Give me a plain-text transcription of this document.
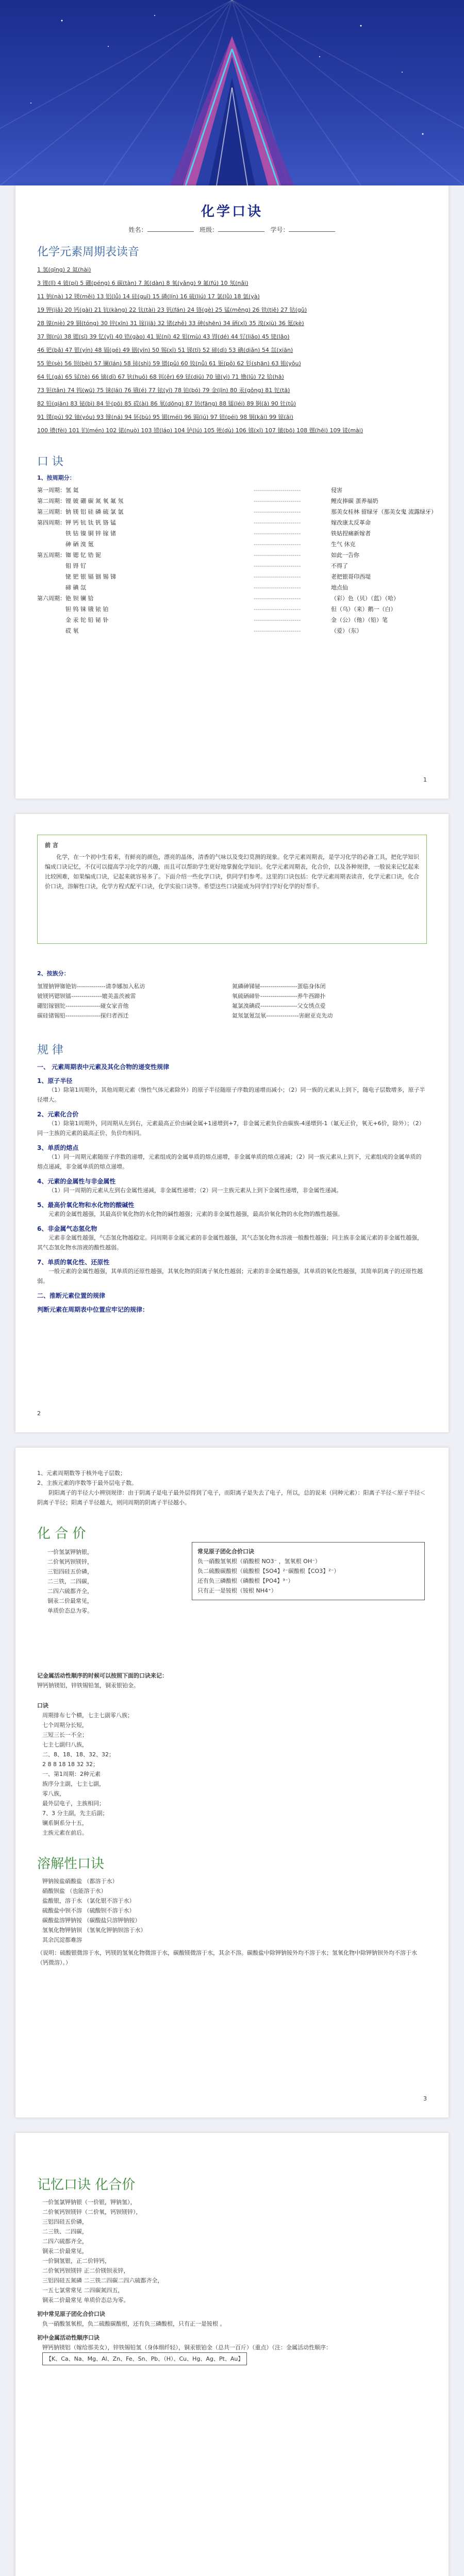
化学口诀
姓名：	班级：	学号：
化学元素周期表读音
1 氢(qīng) 2 氦(hài)
3 锂(lǐ) 4 铍(pí) 5 硼(péng) 6 碳(tàn) 7 氮(dàn) 8 氧(yǎng) 9 氟(fú) 10 氖(nǎi)
11 钠(nà) 12 镁(měi) 13 铝(lǚ) 14 硅(guī) 15 磷(lín) 16 硫(liú) 17 氯(lǜ) 18 氩(yà)
19 钾(jiǎ) 20 钙(gài) 21 钪(kàng) 22 钛(tài) 23 钒(fán) 24 铬(gè) 25 锰(měng) 26 铁(tiě) 27 钴(gǔ)
28 镍(niè) 29 铜(tóng) 30 锌(xīn) 31 镓(jiā) 32 锗(zhě) 33 砷(shēn) 34 硒(xī) 35 溴(xiù) 36 氪(kè)
37 铷(rú) 38 锶(sī) 39 钇(yǐ) 40 锆(gào) 41 铌(ní) 42 钼(mù) 43 锝(dé) 44 钌(liǎo) 45 铑(lǎo)
46 钯(bǎ) 47 银(yín) 48 镉(gé) 49 铟(yīn) 50 锡(xī) 51 锑(tī) 52 碲(dì) 53 碘(diǎn) 54 氙(xiān)
55 铯(sè) 56 钡(bèi) 57 镧(lán) 58 铈(shì) 59 镨(pǔ) 60 钕(nǚ) 61 钷(pǒ) 62 钐(shān) 63 铕(yǒu)
64 钆(gá) 65 铽(tè) 66 镝(dī) 67 钬(huǒ) 68 铒(ěr) 69 铥(diū) 70 镱(yì) 71 镥(lǔ) 72 铪(hā)
73 钽(tǎn) 74 钨(wū) 75 铼(lái) 76 锇(é) 77 铱(yī) 78 铂(bó) 79 金(jīn) 80 汞(gǒng) 81 铊(tā)
82 铅(qiān) 83 铋(bì) 84 钋(pō) 85 砹(ài) 86 氡(dōng) 87 钫(fāng) 88 镭(léi) 89 锕(ā) 90 钍(tǔ)
91 镤(pú) 92 铀(yóu) 93 镎(ná) 94 钚(bù) 95 镅(méi) 96 锔(jú) 97 锫(péi) 98 锎(kāi) 99 锿(āi)
100 镄(fèi) 101 钔(mén) 102 锘(nuò) 103 铹(láo) 104 𬬻(lú) 105 𬭊(dù) 106 𬭳(xǐ) 107 𬭛(bō) 108 𬭶(hēi) 109 鿏(mài)
口 诀
1、按周期分：
第一周期：氢 氦	-----------------------	侵害
第二周期：锂 铍 硼 碳 氮 氧 氟 氖	-----------------------	鲤皮捧碳 蛋养福奶
第三周期：钠 镁 铝 硅 磷 硫 氯 氩	-----------------------	那美女桂林 留绿牙（那美女鬼 流露绿牙）
第四周期：钾 钙 钪 钛 钒 铬 锰	-----------------------	嫁改康太反革命
　　　　　铁 钴 镍 铜 锌 镓 锗	-----------------------	铁姑捏痛新嫁者
　　　　　砷 硒 溴 氪	-----------------------	生气 休克
第五周期：铷 锶 钇 锆 铌	-----------------------	如此一告你
　　　　　钼 锝 钌	-----------------------	不得了
　　　　　铑 钯 银 镉 铟 锡 锑	-----------------------	老把银哥印西堤
　　　　　碲 碘 氙	-----------------------	地点仙
第六周期：铯 钡 镧 铪	-----------------------	（彩）色（贝）（蓝）（哈）
　　　　　钽 钨 铼 锇 铱 铂	-----------------------	但（乌）（来）鹅一（白）
　　　　　金 汞 铊 铅 铋 钋	-----------------------	金（公）（他）（铅）笔
　　　　　砹 氡	-----------------------	（爱）（东）
1
前 言
化学，在一个初中生看来，有鲜亮的颜色，漂亮的晶体，清香的气味以及变幻莫测的现象。化学元素周期表，是学习化学的必备工具，把化学知识编成口诀记忆，不仅可以提高学习化学的兴趣，而且可以帮助学生更好地掌握化学知识。化学元素周期表，化合价，以及各种规律，一般说来记忆起来比较困难，如果编成口诀，记起来就容易多了。下面介绍一些化学口诀，供同学们参考。这里的口诀包括：化学元素周期表读音，化学元素口诀，化合价口诀，溶解性口诀，化学方程式配平口诀，化学实验口诀等。希望这些口诀能成为同学们学好化学的好帮手。
2、按族分：
氢锂钠钾铷铯钫--------------请李娜加入私访
铍镁钙锶钡镭---------------媲美盖茨被雷
硼铝镓铟铊-----------------碰女家音他
碳硅锗锡铅-----------------探归者西迁
氮磷砷锑铋------------------蛋临身体闭
氧硫硒碲钋------------------养牛西蹄扑
氟氯溴碘砹------------------父女绣点爱
氦氖氩氪氙氡----------------害耐亚克先动
规 律
一、 元素周期表中元素及其化合物的递变性规律
1、原子半径
（1）除第1周期外，其他周期元素（惰性气体元素除外）的原子半径随原子序数的递增而减小；（2）同一族的元素从上到下，随电子层数增多，原子半径增大。
2、元素化合价
（1）除第1周期外，同周期从左到右，元素最高正价由碱金属+1递增到+7，非金属元素负价由碳族-4递增到-1（氟无正价，氧无+6价，除外）；（2）同一主族的元素的最高正价、负价均相同。
3、单质的熔点
（1）同一周期元素随原子序数的递增，元素组成的金属单质的熔点递增，非金属单质的熔点递减；（2）同一族元素从上到下，元素组成的金属单质的熔点递减，非金属单质的熔点递增。
4、元素的金属性与非金属性
（1）同一周期的元素从左到右金属性递减，非金属性递增；（2）同一主族元素从上到下金属性递增，非金属性递减。
5、最高价氧化物和水化物的酸碱性
元素的金属性越强，其最高价氧化物的水化物的碱性越强；元素的非金属性越强，最高价氧化物的水化物的酸性越强。
6、非金属气态氢化物
元素非金属性越强，气态氢化物越稳定。同周期非金属元素的非金属性越强，其气态氢化物水溶液一般酸性越强；同主族非金属元素的非金属性越强，其气态氢化物水溶液的酸性越弱。
7、单质的氧化性、还原性
一般元素的金属性越强，其单质的还原性越强，其氧化物的阳离子氧化性越弱；元素的非金属性越强，其单质的氧化性越强，其简单阴离子的还原性越弱。
二、推断元素位置的规律
判断元素在周期表中位置应牢记的规律：
2
1、元素周期数等于核外电子层数；
2、主族元素的序数等于最外层电子数。
阴阳离子的半径大小辨别规律：由于阴离子是电子最外层得到了电子，而阳离子是失去了电子，所以，总的说来（同种元素）：阳离子半径＜原子半径＜阴离子半径；阳离子半径越大，则同周期的阴离子半径越小。
化 合 价
一价氢氯钾钠银，
二价氧钙钡镁锌，
三铝四硅五价磷，
二三铁，二四碳，
二四六硫都齐全，
铜汞二价最常见，
单质价态总为零。
常见原子团化合价口诀
负一硝酸氢氧根（硝酸根 NO3⁻ ，氢氧根 OH⁻）
负二硫酸碳酸根（硫酸根【SO4】²⁻碳酸根【CO3】²⁻）
还有负三磷酸根（磷酸根【PO4】³⁻）
只有正一是铵根（铵根 NH4⁺）
记金属活动性顺序的时候可以按照下面的口诀来记：
钾钙钠镁铝，锌铁锡铅氢，铜汞银铂金。
口诀
周期排布七个横，七主七副零八族；
七个周期分长短，
三短三长一不全；
七主七副归八族，
二、8、18、18、32、32；
2 8 8 18 18 32 32；
一、第1周期：2种元素
族序分主副，七主七副，
零八族，
最外层电子，主族相同；
7、3 分主副，先主后副；
镧系锕系分十五，
主族元素在前后。
溶解性口诀
钾钠铵盐硝酸盐 （都溶于水）
硝酸钡盐 （也能溶于水）
盐酸银，溶于水 （氯化银不溶于水）
硫酸盐中钡不溶 （硫酸钡不溶于水）
碳酸盐溶钾钠铵 （碳酸盐只溶钾钠铵）
氢氧化物钾钠钡 （氢氧化钾钠钡溶于水）
其余沉淀都难溶
（说明：硫酸银微溶于水，钙镁的氢氧化物微溶于水，碳酸镁微溶于水，其余不溶。碳酸盐中除钾钠铵外均不溶于水；氢氧化物中除钾钠钡外均不溶于水（钙微溶）。）
3
记忆口诀 化合价
一价氢氯钾钠银（一价银，钾钠氢），
二价氧钙钡镁锌（二价氧，钙钡镁锌），
三铝四硅五价磷，
二三铁、二四碳，
二四六硫都齐全，
铜汞二价最常见，
一价铜氢银，正二价锌钙，
二价氧钙钡镁锌 正二价镁钡汞锌，
三铝四硅五氮磷 二三铁二四碳二四六硫都齐全，
一五七氯常常见 二四碳氮四五，
铜汞二价最常见 单质价态总为零。
初中常见原子团化合价口诀
负一硝酸氢氧根，负二硫酸碳酸根，还有负三磷酸根，只有正一是铵根 。
初中金属活动性顺序口诀
钾钙钠镁铝（嫁给那美女），锌铁锡铅氢（身体细纤轻），铜汞银铂金（总共一百斤）（重点）（注：金属活动性顺序：
【K、Ca、Na、Mg、Al、Zn、Fe、Sn、Pb、（H）、Cu、Hg、Ag、Pt、Au】
